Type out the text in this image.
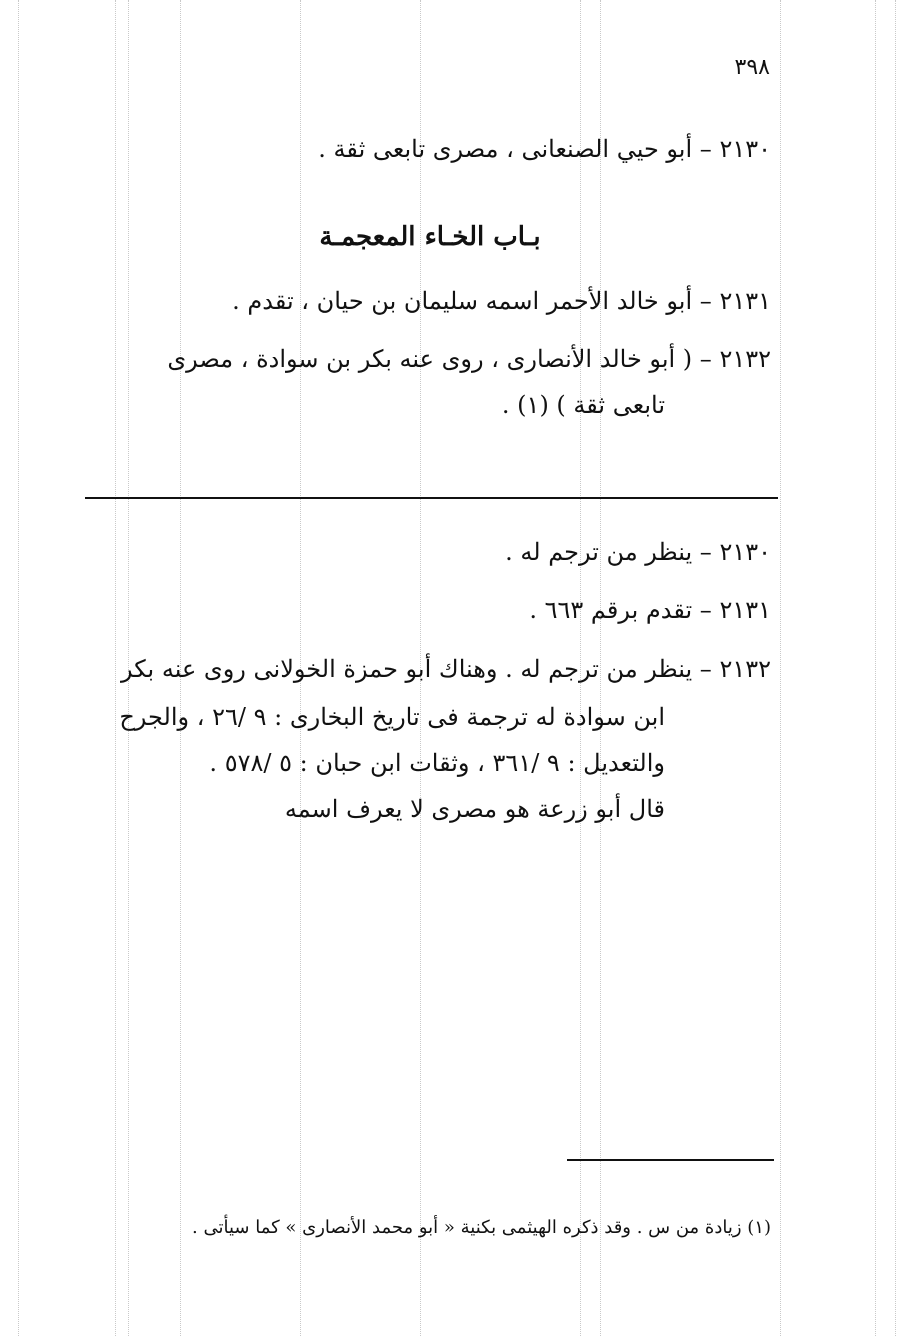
٣٩٨
٢١٣٠ – أبو حيي الصنعانى ، مصرى تابعى ثقة .
بـاب الخـاء المعجمـة
٢١٣١ – أبو خالد الأحمر اسمه سليمان بن حيان ، تقدم .
٢١٣٢ – ( أبو خالد الأنصارى ، روى عنه بكر بن سوادة ، مصرى
تابعى ثقة ) (١) .
٢١٣٠ – ينظر من ترجم له .
٢١٣١ – تقدم برقم ٦٦٣ .
٢١٣٢ – ينظر من ترجم له . وهناك أبو حمزة الخولانى روى عنه بكر
ابن سوادة له ترجمة فى تاريخ البخارى : ٩ /٢٦ ، والجرح
والتعديل : ٩ /٣٦١ ، وثقات ابن حبان : ٥ /٥٧٨ .
قال أبو زرعة هو مصرى لا يعرف اسمه
(١) زيادة من س . وقد ذكره الهيثمى بكنية « أبو محمد الأنصارى » كما سيأتى .
